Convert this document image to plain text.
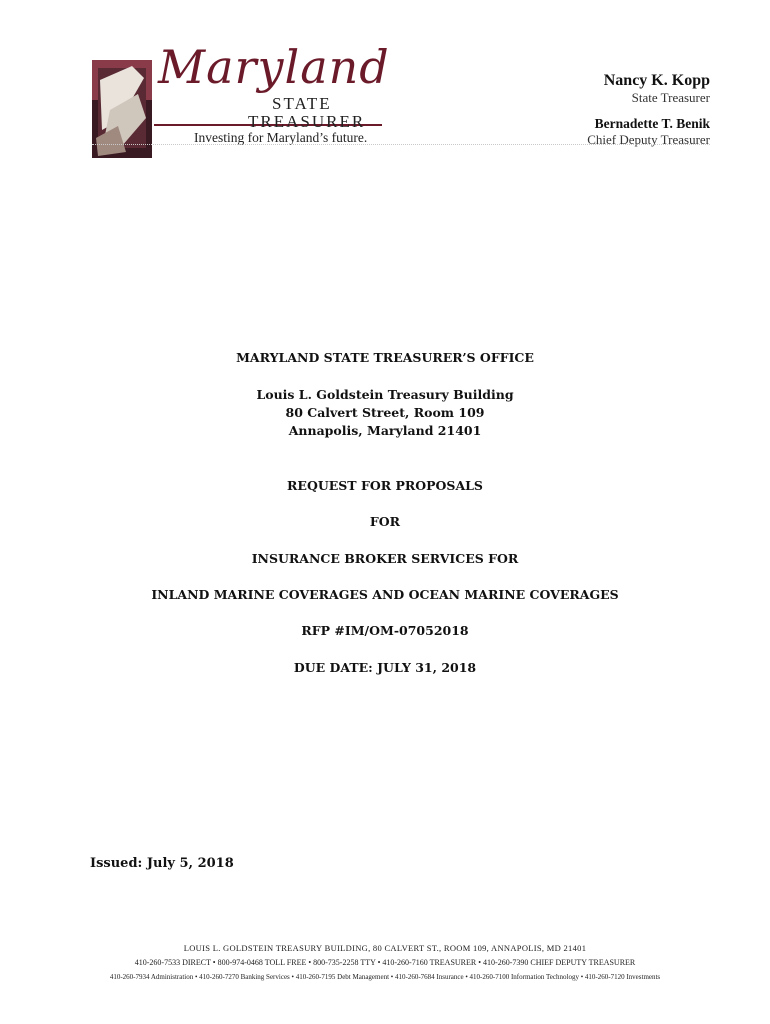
Maryland
STATE
TREASURER
Investing for Maryland’s future.
Nancy K. Kopp
State Treasurer
Bernadette T. Benik
Chief Deputy Treasurer
MARYLAND STATE TREASURER’S OFFICE
Louis L. Goldstein Treasury Building
80 Calvert Street, Room 109
Annapolis, Maryland 21401
REQUEST FOR PROPOSALS
FOR
INSURANCE BROKER SERVICES FOR
INLAND MARINE COVERAGES AND OCEAN MARINE COVERAGES
RFP #IM/OM-07052018
DUE DATE: JULY 31, 2018
Issued: July 5, 2018
LOUIS L. GOLDSTEIN TREASURY BUILDING, 80 CALVERT ST., ROOM 109, ANNAPOLIS, MD 21401
410-260-7533 DIRECT • 800-974-0468 TOLL FREE • 800-735-2258 TTY • 410-260-7160 TREASURER • 410-260-7390 CHIEF DEPUTY TREASURER
410-260-7934 Administration • 410-260-7270 Banking Services • 410-260-7195 Debt Management • 410-260-7684 Insurance • 410-260-7100 Information Technology • 410-260-7120 Investments
